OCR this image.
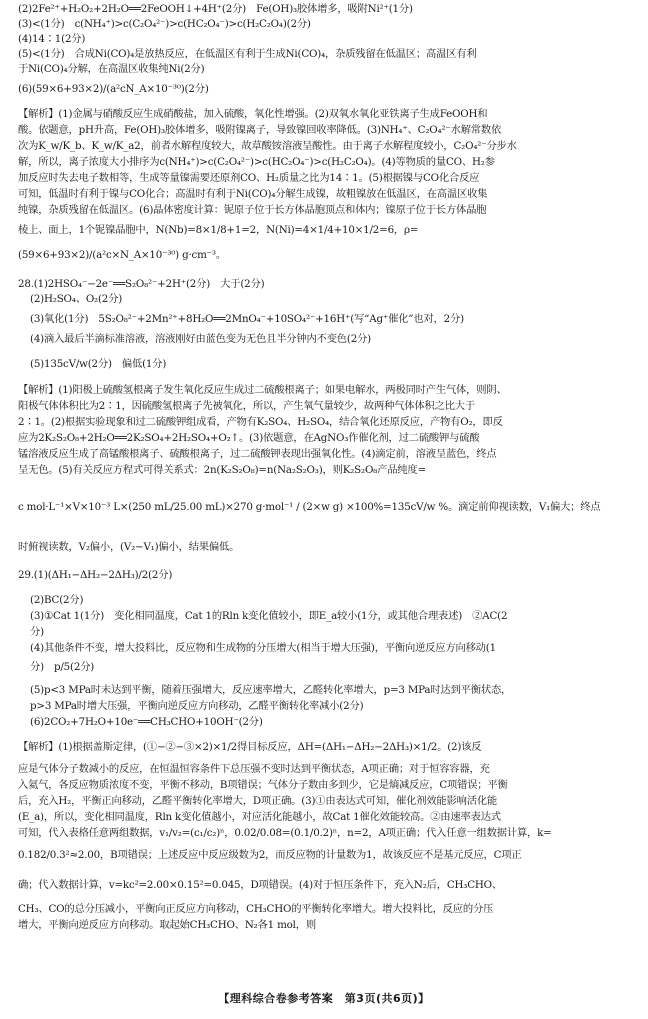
(2)2Fe²⁺+H₂O₂+2H₂O══2FeOOH↓+4H⁺(2分)　Fe(OH)₃胶体增多，吸附Ni²⁺(1分)
(3)<(1分)　c(NH₄⁺)>c(C₂O₄²⁻)>c(HC₂O₄⁻)>c(H₂C₂O₄)(2分)
(4)14∶1(2分)
(5)<(1分)　合成Ni(CO)₄是放热反应，在低温区有利于生成Ni(CO)₄，杂质残留在低温区；高温区有利
于Ni(CO)₄分解，在高温区收集纯Ni(2分)
(6)(59×6+93×2)/(a²cN_A×10⁻³⁰)(2分)
【解析】(1)金属与硝酸反应生成硝酸盐，加入硫酸，氧化性增强。(2)双氧水氧化亚铁离子生成FeOOH和
酸。依题意，pH升高，Fe(OH)₃胶体增多，吸附镍离子，导致镍回收率降低。(3)NH₄⁺、C₂O₄²⁻水解常数依
次为K_w/K_b、K_w/K_a2，前者水解程度较大，故草酸铵溶液呈酸性。由于离子水解程度较小，C₂O₄²⁻分步水
解，所以，离子浓度大小排序为c(NH₄⁺)>c(C₂O₄²⁻)>c(HC₂O₄⁻)>c(H₂C₂O₄)。(4)等物质的量CO、H₂参
加反应时失去电子数相等，生成等量镍需要还原剂CO、H₂质量之比为14∶1。(5)根据镍与CO化合反应
可知，低温时有利于镍与CO化合；高温时有利于Ni(CO)₄分解生成镍，故粗镍放在低温区，在高温区收集
纯镍，杂质残留在低温区。(6)晶体密度计算：铌原子位于长方体晶胞顶点和体内；镍原子位于长方体晶胞
棱上、面上，1个铌镍晶胞中，N(Nb)=8×1/8+1=2，N(Ni)=4×1/4+10×1/2=6，ρ=
(59×6+93×2)/(a²c×N_A×10⁻³⁰) g·cm⁻³。
28.(1)2HSO₄⁻−2e⁻══S₂O₈²⁻+2H⁺(2分)　大于(2分)
(2)H₂SO₄、O₂(2分)
(3)氧化(1分)　5S₂O₈²⁻+2Mn²⁺+8H₂O══2MnO₄⁻+10SO₄²⁻+16H⁺(写“Ag⁺催化”也对，2分)
(4)滴入最后半滴标准溶液，溶液刚好由蓝色变为无色且半分钟内不变色(2分)
(5)135cV/w(2分)　偏低(1分)
【解析】(1)阳极上硫酸氢根离子发生氧化反应生成过二硫酸根离子；如果电解水，两极同时产生气体，则阴、
阳极气体体积比为2∶1，因硫酸氢根离子先被氧化，所以，产生氧气量较少，故两种气体体积之比大于
2∶1。(2)根据实验现象和过二硫酸钾组成看，产物有K₂SO₄、H₂SO₄，结合氧化还原反应，产物有O₂，即反
应为2K₂S₂O₈+2H₂O══2K₂SO₄+2H₂SO₄+O₂↑。(3)依题意，在AgNO₃作催化剂，过二硫酸钾与硫酸
锰溶液反应生成了高锰酸根离子、硫酸根离子，过二硫酸钾表现出强氧化性。(4)滴定前，溶液呈蓝色，终点
呈无色。(5)有关反应方程式可得关系式：2n(K₂S₂O₈)=n(Na₂S₂O₃)，则K₂S₂O₈产品纯度=
c mol·L⁻¹×V×10⁻³ L×(250 mL/25.00 mL)×270 g·mol⁻¹ / (2×w g) ×100%=135cV/w %。滴定前仰视读数，V₁偏大；终点
时俯视读数，V₂偏小，(V₂−V₁)偏小，结果偏低。
29.(1)(ΔH₁−ΔH₂−2ΔH₃)/2(2分)
(2)BC(2分)
(3)①Cat 1(1分)　变化相同温度，Cat 1的Rln k变化值较小，即E_a较小(1分，或其他合理表述)　②AC(2
分)
(4)其他条件不变，增大投料比，反应物和生成物的分压增大(相当于增大压强)，平衡向逆反应方向移动(1
分)　p/5(2分)
(5)p<3 MPa时未达到平衡，随着压强增大，反应速率增大，乙醛转化率增大，p=3 MPa时达到平衡状态，
p>3 MPa时增大压强，平衡向逆反应方向移动，乙醛平衡转化率减小(2分)
(6)2CO₂+7H₂O+10e⁻══CH₃CHO+10OH⁻(2分)
【解析】(1)根据盖斯定律，(①−②−③×2)×1/2得目标反应，ΔH=(ΔH₁−ΔH₂−2ΔH₃)×1/2。(2)该反
应是气体分子数减小的反应，在恒温恒容条件下总压强不变时达到平衡状态，A项正确；对于恒容容器，充
入氦气，各反应物质浓度不变，平衡不移动，B项错误；气体分子数由多到少，它是熵减反应，C项错误；平衡
后，充入H₂，平衡正向移动，乙醛平衡转化率增大，D项正确。(3)①由表达式可知，催化剂效能影响活化能
(E_a)，所以，变化相同温度，Rln k变化值越小，对应活化能越小，故Cat 1催化效能较高。②由速率表达式
可知，代入表格任意两组数据，v₁/v₂=(c₁/c₂)ⁿ，0.02/0.08=(0.1/0.2)ⁿ，n=2，A项正确；代入任意一组数据计算，k=
0.182/0.3²≈2.00，B项错误；上述反应中反应级数为2，而反应物的计量数为1，故该反应不是基元反应，C项正
确；代入数据计算，v=kc²=2.00×0.15²=0.045，D项错误。(4)对于恒压条件下，充入N₂后，CH₃CHO、
CH₃、CO的总分压减小，平衡向正反应方向移动，CH₃CHO的平衡转化率增大。增大投料比，反应的分压
增大，平衡向逆反应方向移动。取起始CH₃CHO、N₂各1 mol，则
【理科综合卷参考答案　第3页(共6页)】
